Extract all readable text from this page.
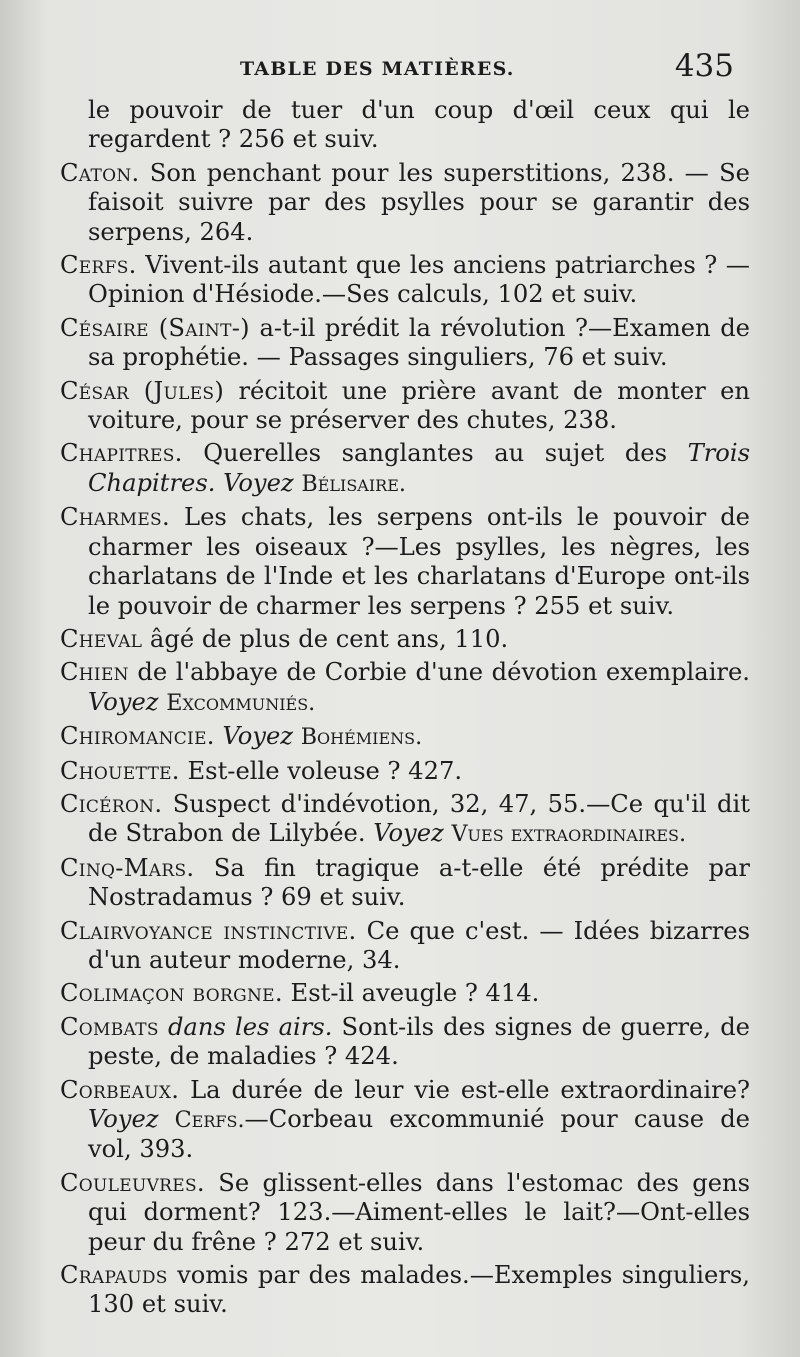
TABLE DES MATIÈRES.	435

le pouvoir de tuer d'un coup d'œil ceux qui le regardent ? 256 et suiv.

Caton. Son penchant pour les superstitions, 238. — Se faisoit suivre par des psylles pour se garantir des serpens, 264.

Cerfs. Vivent-ils autant que les anciens patriarches ? —Opinion d'Hésiode.—Ses calculs, 102 et suiv.

Césaire (Saint-) a-t-il prédit la révolution ?—Examen de sa prophétie. — Passages singuliers, 76 et suiv.

César (Jules) récitoit une prière avant de monter en voiture, pour se préserver des chutes, 238.

Chapitres. Querelles sanglantes au sujet des Trois Chapitres. Voyez Bélisaire.

Charmes. Les chats, les serpens ont-ils le pouvoir de charmer les oiseaux ?—Les psylles, les nègres, les charlatans de l'Inde et les charlatans d'Europe ont-ils le pouvoir de charmer les serpens ? 255 et suiv.

Cheval âgé de plus de cent ans, 110.

Chien de l'abbaye de Corbie d'une dévotion exemplaire. Voyez Excommuniés.

Chiromancie. Voyez Bohémiens.

Chouette. Est-elle voleuse ? 427.

Cicéron. Suspect d'indévotion, 32, 47, 55.—Ce qu'il dit de Strabon de Lilybée. Voyez Vues extraordinaires.

Cinq-Mars. Sa fin tragique a-t-elle été prédite par Nostradamus ? 69 et suiv.

Clairvoyance instinctive. Ce que c'est. — Idées bizarres d'un auteur moderne, 34.

Colimaçon borgne. Est-il aveugle ? 414.

Combats dans les airs. Sont-ils des signes de guerre, de peste, de maladies ? 424.

Corbeaux. La durée de leur vie est-elle extraordinaire? Voyez Cerfs.—Corbeau excommunié pour cause de vol, 393.

Couleuvres. Se glissent-elles dans l'estomac des gens qui dorment? 123.—Aiment-elles le lait?—Ont-elles peur du frêne ? 272 et suiv.

Crapauds vomis par des malades.—Exemples singuliers, 130 et suiv.
